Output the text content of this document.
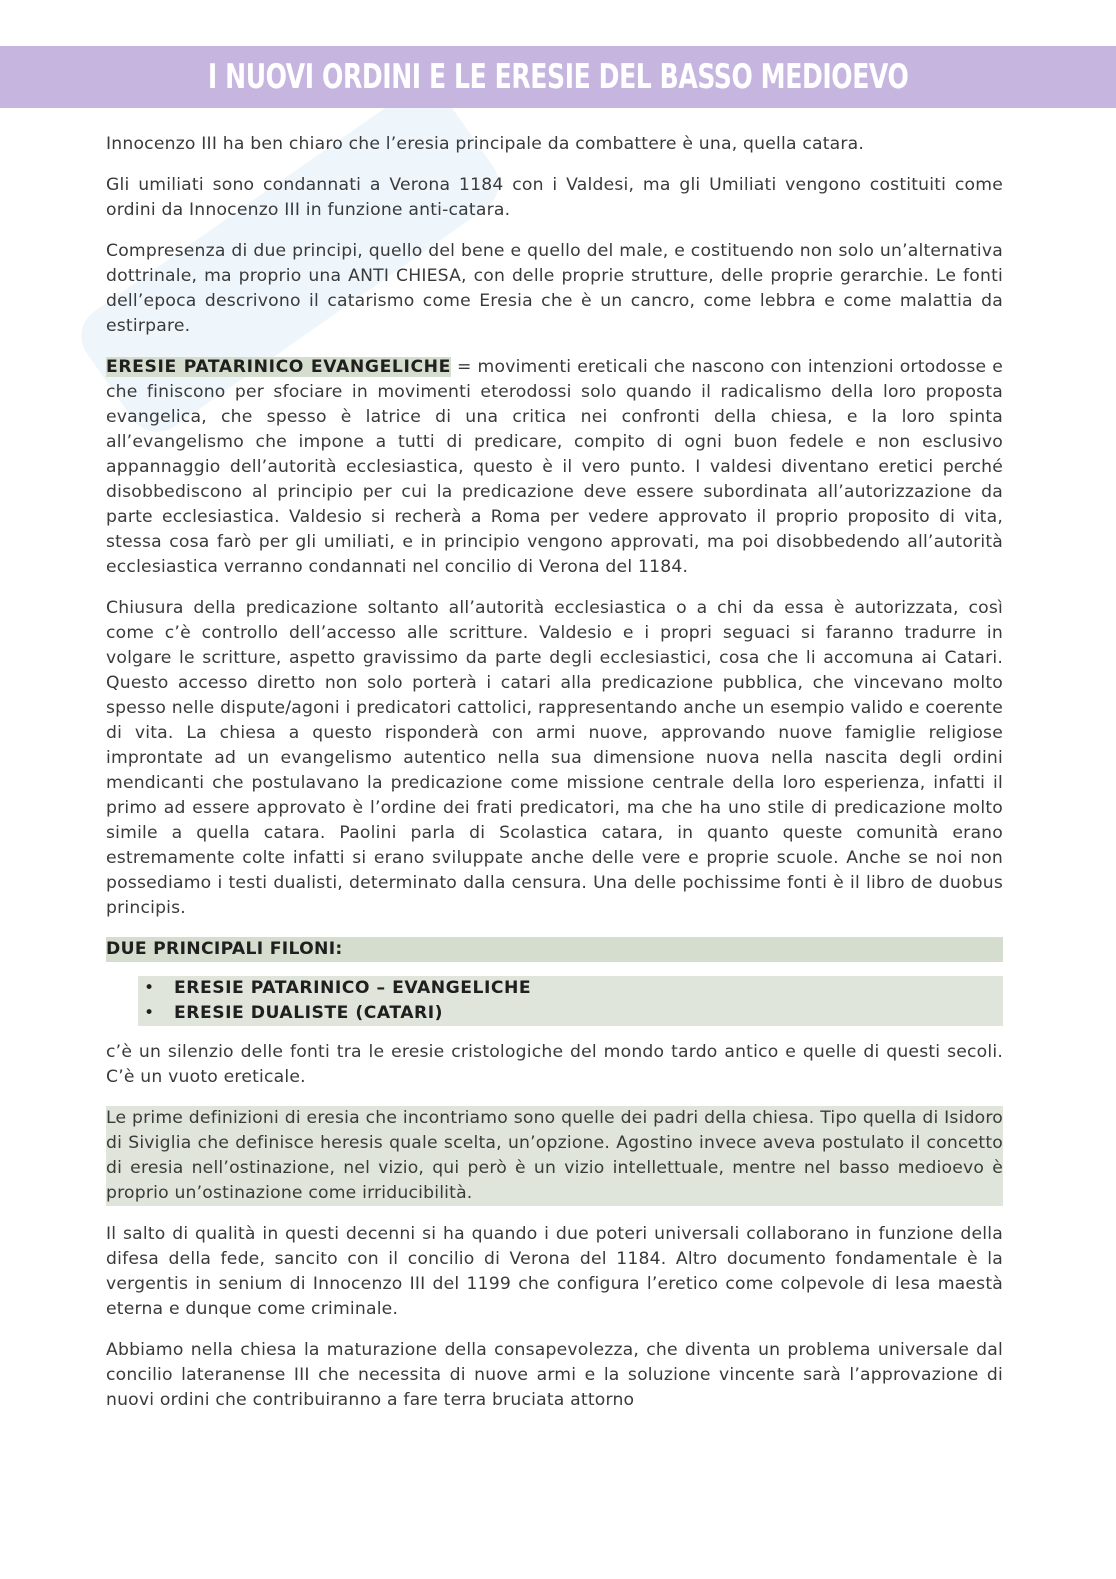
I NUOVI ORDINI E LE ERESIE DEL BASSO MEDIOEVO

Innocenzo III ha ben chiaro che l’eresia principale da combattere è una, quella catara.

Gli umiliati sono condannati a Verona 1184 con i Valdesi, ma gli Umiliati vengono costituiti come ordini da Innocenzo III in funzione anti-catara.

Compresenza di due principi, quello del bene e quello del male, e costituendo non solo un’alternativa dottrinale, ma proprio una ANTI CHIESA, con delle proprie strutture, delle proprie gerarchie. Le fonti dell’epoca descrivono il catarismo come Eresia che è un cancro, come lebbra e come malattia da estirpare.

ERESIE PATARINICO EVANGELICHE = movimenti ereticali che nascono con intenzioni ortodosse e che finiscono per sfociare in movimenti eterodossi solo quando il radicalismo della loro proposta evangelica, che spesso è latrice di una critica nei confronti della chiesa, e la loro spinta all’evangelismo che impone a tutti di predicare, compito di ogni buon fedele e non esclusivo appannaggio dell’autorità ecclesiastica, questo è il vero punto. I valdesi diventano eretici perché disobbediscono al principio per cui la predicazione deve essere subordinata all’autorizzazione da parte ecclesiastica. Valdesio si recherà a Roma per vedere approvato il proprio proposito di vita, stessa cosa farò per gli umiliati, e in principio vengono approvati, ma poi disobbedendo all’autorità ecclesiastica verranno condannati nel concilio di Verona del 1184.

Chiusura della predicazione soltanto all’autorità ecclesiastica o a chi da essa è autorizzata, così come c’è controllo dell’accesso alle scritture. Valdesio e i propri seguaci si faranno tradurre in volgare le scritture, aspetto gravissimo da parte degli ecclesiastici, cosa che li accomuna ai Catari. Questo accesso diretto non solo porterà i catari alla predicazione pubblica, che vincevano molto spesso nelle dispute/agoni i predicatori cattolici, rappresentando anche un esempio valido e coerente di vita. La chiesa a questo risponderà con armi nuove, approvando nuove famiglie religiose improntate ad un evangelismo autentico nella sua dimensione nuova nella nascita degli ordini mendicanti che postulavano la predicazione come missione centrale della loro esperienza, infatti il primo ad essere approvato è l’ordine dei frati predicatori, ma che ha uno stile di predicazione molto simile a quella catara. Paolini parla di Scolastica catara, in quanto queste comunità erano estremamente colte infatti si erano sviluppate anche delle vere e proprie scuole. Anche se noi non possediamo i testi dualisti, determinato dalla censura. Una delle pochissime fonti è il libro de duobus principis.

DUE PRINCIPALI FILONI:
• ERESIE PATARINICO – EVANGELICHE
• ERESIE DUALISTE (CATARI)

c’è un silenzio delle fonti tra le eresie cristologiche del mondo tardo antico e quelle di questi secoli. C’è un vuoto ereticale.

Le prime definizioni di eresia che incontriamo sono quelle dei padri della chiesa. Tipo quella di Isidoro di Siviglia che definisce heresis quale scelta, un’opzione. Agostino invece aveva postulato il concetto di eresia nell’ostinazione, nel vizio, qui però è un vizio intellettuale, mentre nel basso medioevo è proprio un’ostinazione come irriducibilità.

Il salto di qualità in questi decenni si ha quando i due poteri universali collaborano in funzione della difesa della fede, sancito con il concilio di Verona del 1184. Altro documento fondamentale è la vergentis in senium di Innocenzo III del 1199 che configura l’eretico come colpevole di lesa maestà eterna e dunque come criminale.

Abbiamo nella chiesa la maturazione della consapevolezza, che diventa un problema universale dal concilio lateranense III che necessita di nuove armi e la soluzione vincente sarà l’approvazione di nuovi ordini che contribuiranno a fare terra bruciata attorno
